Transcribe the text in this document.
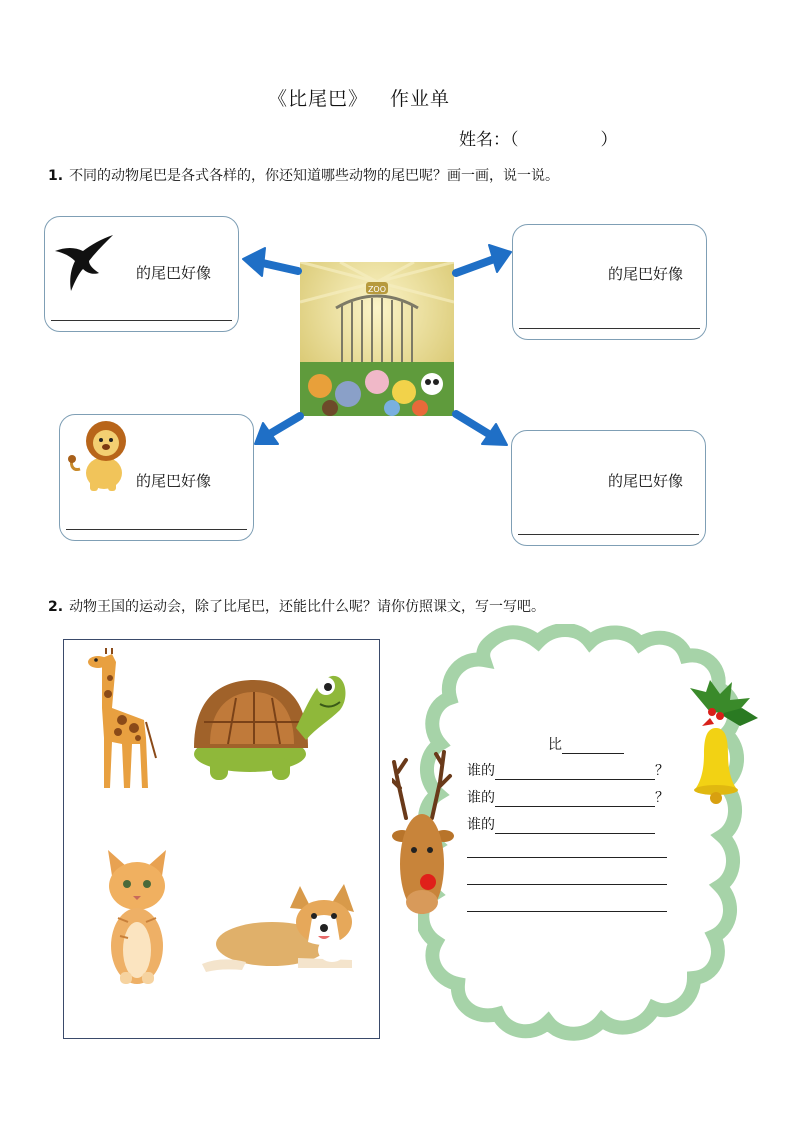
《比尾巴》 作业单
姓名：（	）
1. 不同的动物尾巴是各式各样的，你还知道哪些动物的尾巴呢？画一画，说一说。
的尾巴好像	的尾巴好像
的尾巴好像	的尾巴好像
ZOO
2. 动物王国的运动会，除了比尾巴，还能比什么呢？请你仿照课文，写一写吧。
比
谁的	？
谁的	？
谁的
